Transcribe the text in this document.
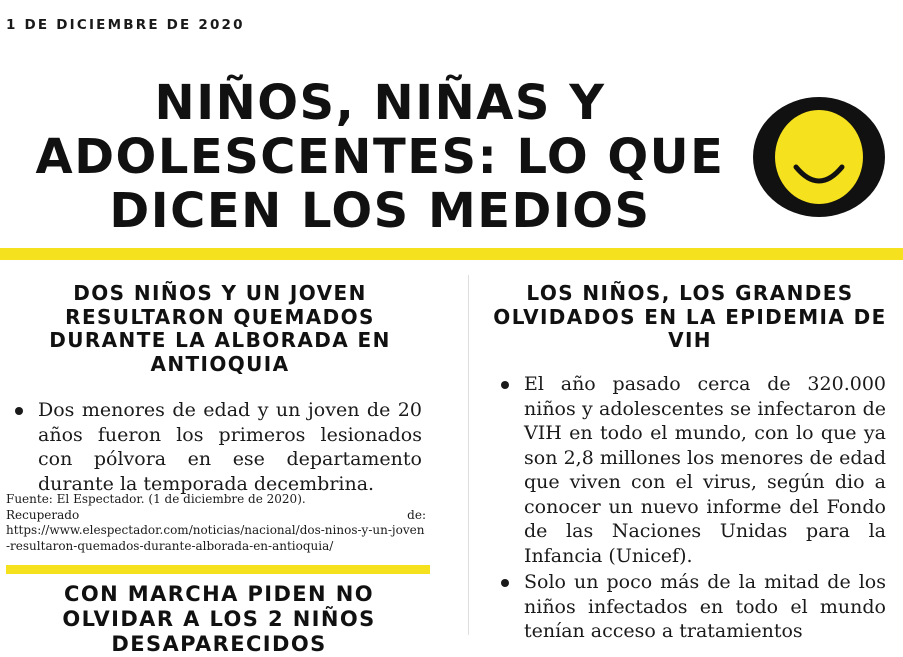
1 DE DICIEMBRE DE 2020
NIÑOS, NIÑAS Y ADOLESCENTES: LO QUE DICEN LOS MEDIOS
DOS NIÑOS Y UN JOVEN RESULTARON QUEMADOS DURANTE LA ALBORADA EN ANTIOQUIA
Dos menores de edad y un joven de 20 años fueron los primeros lesionados con pólvora en ese departamento durante la temporada decembrina.
Fuente: El Espectador. (1 de diciembre de 2020).
Recuperado de:
https://www.elespectador.com/noticias/nacional/dos-ninos-y-un-joven-resultaron-quemados-durante-alborada-en-antioquia/
CON MARCHA PIDEN NO OLVIDAR A LOS 2 NIÑOS DESAPARECIDOS
LOS NIÑOS, LOS GRANDES OLVIDADOS EN LA EPIDEMIA DE VIH
El año pasado cerca de 320.000 niños y adolescentes se infectaron de VIH en todo el mundo, con lo que ya son 2,8 millones los menores de edad que viven con el virus, según dio a conocer un nuevo informe del Fondo de las Naciones Unidas para la Infancia (Unicef).
Solo un poco más de la mitad de los niños infectados en todo el mundo tenían acceso a tratamientos
